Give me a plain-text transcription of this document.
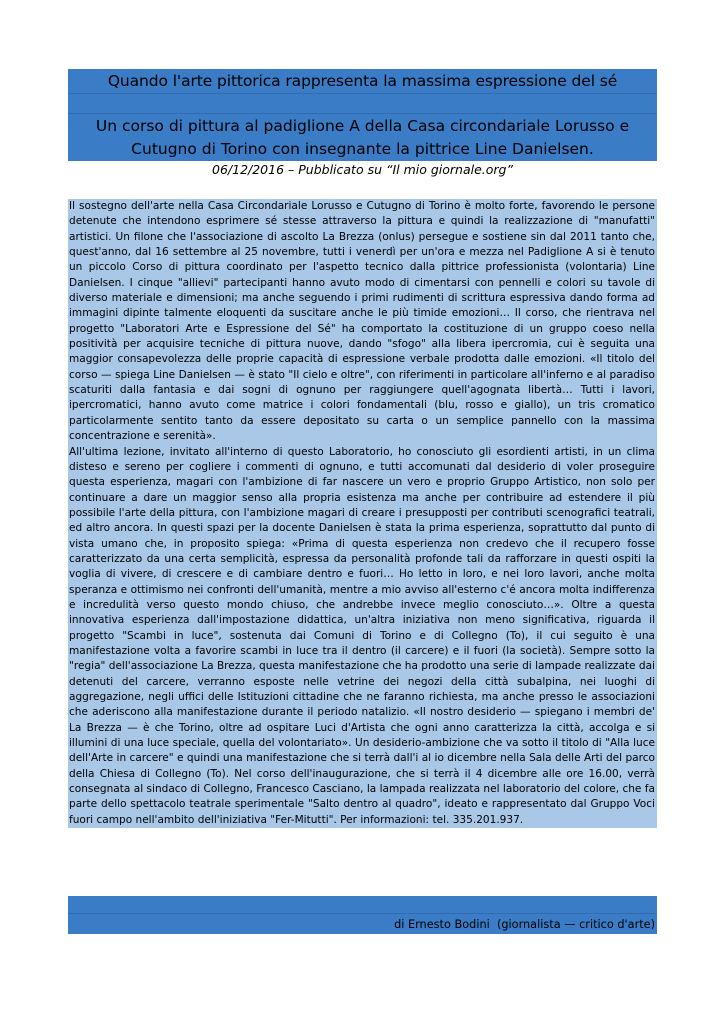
Quando l'arte pittorica rappresenta la massima espressione del sé
Un corso di pittura al padiglione A della Casa circondariale Lorusso e Cutugno di Torino con insegnante la pittrice Line Danielsen.
06/12/2016 – Pubblicato su “Il mio giornale.org”

Il sostegno dell'arte nella Casa Circondariale Lorusso e Cutugno di Torino è molto forte, favorendo le persone detenute che intendono esprimere sé stesse attraverso la pittura e quindi la realizzazione di "manufatti" artistici. Un filone che l'associazione di ascolto La Brezza (onlus) persegue e sostiene sin dal 2011 tanto che, quest'anno, dal 16 settembre al 25 novembre, tutti i venerdì per un'ora e mezza nel Padiglione A si è tenuto un piccolo Corso di pittura coordinato per l'aspetto tecnico dalla pittrice professionista (volontaria) Line Danielsen. I cinque "allievi" partecipanti hanno avuto modo di cimentarsi con pennelli e colori su tavole di diverso materiale e dimensioni; ma anche seguendo i primi rudimenti di scrittura espressiva dando forma ad immagini dipinte talmente eloquenti da suscitare anche le più timide emozioni… Il corso, che rientrava nel progetto "Laboratori Arte e Espressione del Sé" ha comportato la costituzione di un gruppo coeso nella positività per acquisire tecniche di pittura nuove, dando "sfogo" alla libera ipercromia, cui è seguita una maggior consapevolezza delle proprie capacità di espressione verbale prodotta dalle emozioni. «Il titolo del corso — spiega Line Danielsen — è stato "Il cielo e oltre", con riferimenti in particolare all'inferno e al paradiso scaturiti dalla fantasia e dai sogni di ognuno per raggiungere quell'agognata libertà… Tutti i lavori, ipercromatici, hanno avuto come matrice i colori fondamentali (blu, rosso e giallo), un tris cromatico particolarmente sentito tanto da essere depositato su carta o un semplice pannello con la massima concentrazione e serenità».

All'ultima lezione, invitato all'interno di questo Laboratorio, ho conosciuto gli esordienti artisti, in un clima disteso e sereno per cogliere i commenti di ognuno, e tutti accomunati dal desiderio di voler proseguire questa esperienza, magari con l'ambizione di far nascere un vero e proprio Gruppo Artistico, non solo per continuare a dare un maggior senso alla propria esistenza ma anche per contribuire ad estendere il più possibile l'arte della pittura, con l'ambizione magari di creare i presupposti per contributi scenografici teatrali, ed altro ancora. In questi spazi per la docente Danielsen è stata la prima esperienza, soprattutto dal punto di vista umano che, in proposito spiega: «Prima di questa esperienza non credevo che il recupero fosse caratterizzato da una certa semplicità, espressa da personalità profonde tali da rafforzare in questi ospiti la voglia di vivere, di crescere e di cambiare dentro e fuori… Ho letto in loro, e nei loro lavori, anche molta speranza e ottimismo nei confronti dell'umanità, mentre a mio avviso all'esterno c'é ancora molta indifferenza e incredulità verso questo mondo chiuso, che andrebbe invece meglio conosciuto…». Oltre a questa innovativa esperienza dall'impostazione didattica, un'altra iniziativa non meno significativa, riguarda il progetto "Scambi in luce", sostenuta dai Comuni di Torino e di Collegno (To), il cui seguito è una manifestazione volta a favorire scambi in luce tra il dentro (il carcere) e il fuori (la società). Sempre sotto la "regia" dell'associazione La Brezza, questa manifestazione che ha prodotto una serie di lampade realizzate dai detenuti del carcere, verranno esposte nelle vetrine dei negozi della città subalpina, nei luoghi di aggregazione, negli uffici delle Istituzioni cittadine che ne faranno richiesta, ma anche presso le associazioni che aderiscono alla manifestazione durante il periodo natalizio. «Il nostro desiderio — spiegano i membri de' La Brezza — è che Torino, oltre ad ospitare Luci d'Artista che ogni anno caratterizza la città, accolga e si illumini di una luce speciale, quella del volontariato». Un desiderio-ambizione che va sotto il titolo di "Alla luce dell'Arte in carcere" e quindi una manifestazione che si terrà dall'i al io dicembre nella Sala delle Arti del parco della Chiesa di Collegno (To). Nel corso dell'inaugurazione, che si terrà il 4 dicembre alle ore 16.00, verrà consegnata al sindaco di Collegno, Francesco Casciano, la lampada realizzata nel laboratorio del colore, che fa parte dello spettacolo teatrale sperimentale "Salto dentro al quadro", ideato e rappresentato dal Gruppo Voci fuori campo nell'ambito dell'iniziativa "Fer-Mitutti". Per informazioni: tel. 335.201.937.

di Ernesto Bodini  (giornalista — critico d'arte)
